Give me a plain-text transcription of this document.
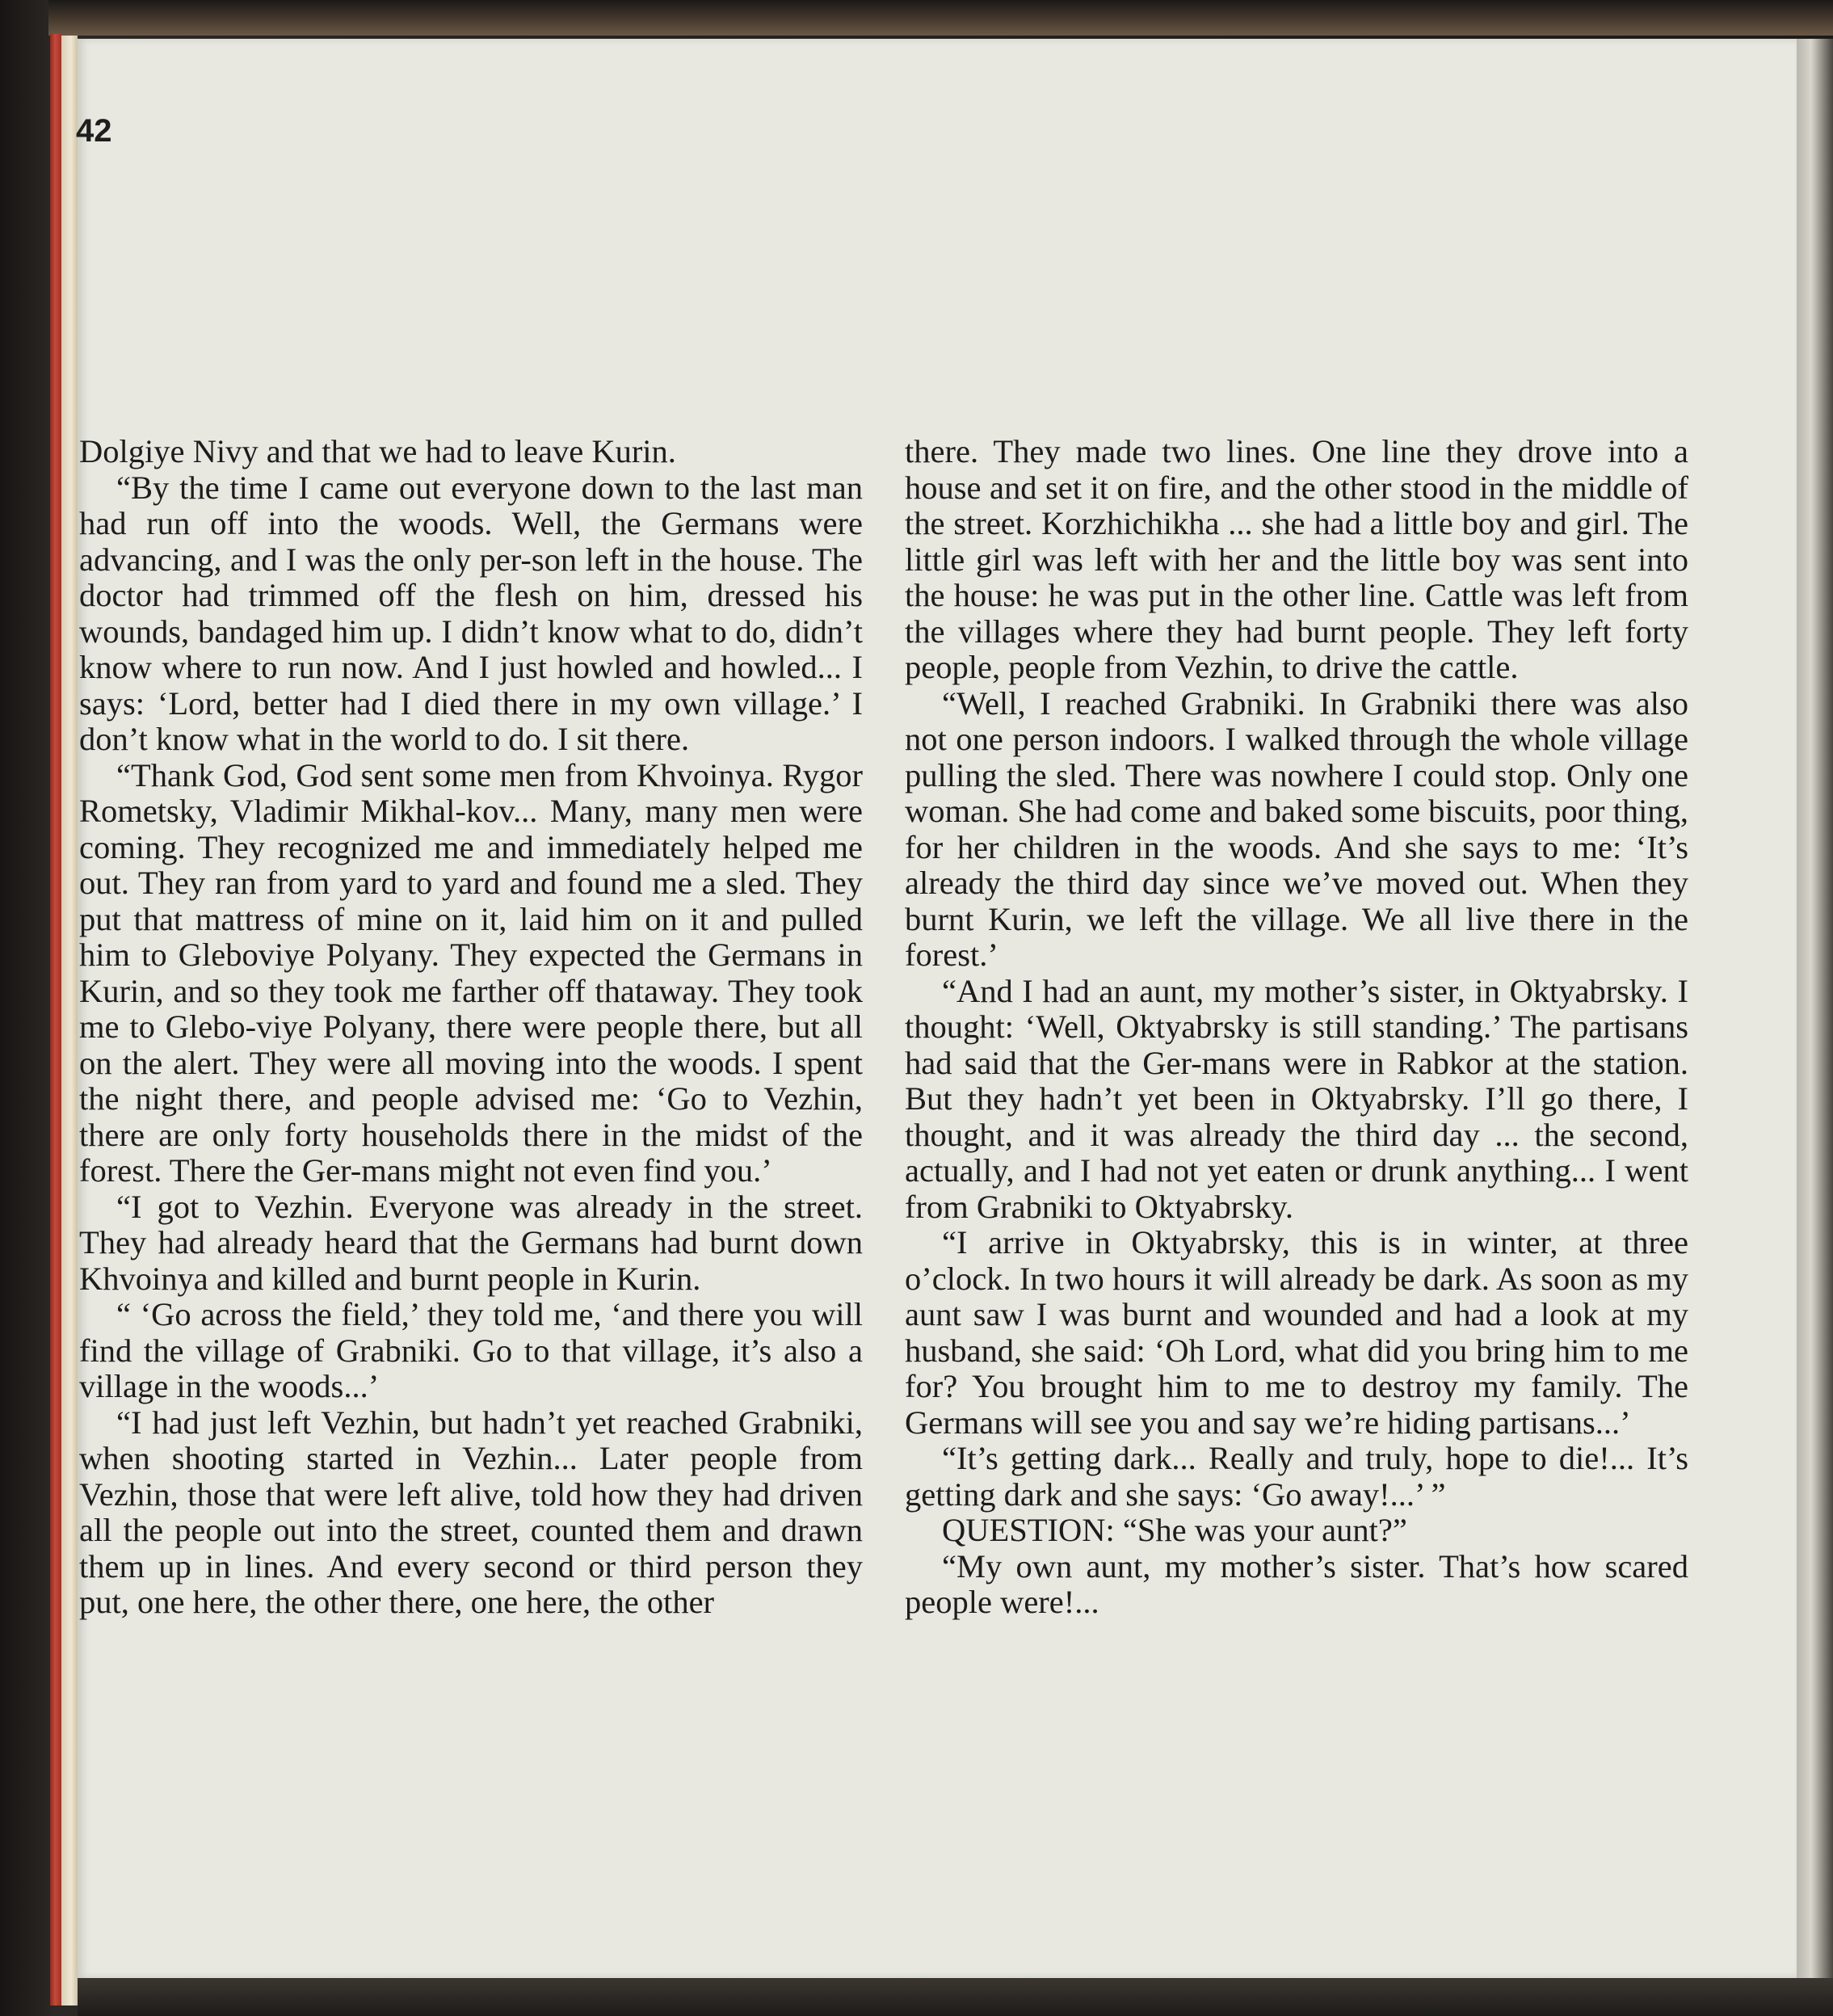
42

Dolgiye Nivy and that we had to leave Kurin.

“By the time I came out everyone down to the last man had run off into the woods. Well, the Germans were advancing, and I was the only per-son left in the house. The doctor had trimmed off the flesh on him, dressed his wounds, bandaged him up. I didn’t know what to do, didn’t know where to run now. And I just howled and howled... I says: ‘Lord, better had I died there in my own village.’ I don’t know what in the world to do. I sit there.

“Thank God, God sent some men from Khvoinya. Rygor Rometsky, Vladimir Mikhal-kov... Many, many men were coming. They recognized me and immediately helped me out. They ran from yard to yard and found me a sled. They put that mattress of mine on it, laid him on it and pulled him to Gleboviye Polyany. They expected the Germans in Kurin, and so they took me farther off thataway. They took me to Glebo-viye Polyany, there were people there, but all on the alert. They were all moving into the woods. I spent the night there, and people advised me: ‘Go to Vezhin, there are only forty households there in the midst of the forest. There the Ger-mans might not even find you.’

“I got to Vezhin. Everyone was already in the street. They had already heard that the Germans had burnt down Khvoinya and killed and burnt people in Kurin.

“ ‘Go across the field,’ they told me, ‘and there you will find the village of Grabniki. Go to that village, it’s also a village in the woods...’

“I had just left Vezhin, but hadn’t yet reached Grabniki, when shooting started in Vezhin... Later people from Vezhin, those that were left alive, told how they had driven all the people out into the street, counted them and drawn them up in lines. And every second or third person they put, one here, the other there, one here, the other

there. They made two lines. One line they drove into a house and set it on fire, and the other stood in the middle of the street. Korzhichikha ... she had a little boy and girl. The little girl was left with her and the little boy was sent into the house: he was put in the other line. Cattle was left from the villages where they had burnt people. They left forty people, people from Vezhin, to drive the cattle.

“Well, I reached Grabniki. In Grabniki there was also not one person indoors. I walked through the whole village pulling the sled. There was nowhere I could stop. Only one woman. She had come and baked some biscuits, poor thing, for her children in the woods. And she says to me: ‘It’s already the third day since we’ve moved out. When they burnt Kurin, we left the village. We all live there in the forest.’

“And I had an aunt, my mother’s sister, in Oktyabrsky. I thought: ‘Well, Oktyabrsky is still standing.’ The partisans had said that the Ger-mans were in Rabkor at the station. But they hadn’t yet been in Oktyabrsky. I’ll go there, I thought, and it was already the third day ... the second, actually, and I had not yet eaten or drunk anything... I went from Grabniki to Oktyabrsky.

“I arrive in Oktyabrsky, this is in winter, at three o’clock. In two hours it will already be dark. As soon as my aunt saw I was burnt and wounded and had a look at my husband, she said: ‘Oh Lord, what did you bring him to me for? You brought him to me to destroy my family. The Germans will see you and say we’re hiding partisans...’

“It’s getting dark... Really and truly, hope to die!... It’s getting dark and she says: ‘Go away!...’ ”

QUESTION: “She was your aunt?”

“My own aunt, my mother’s sister. That’s how scared people were!...
